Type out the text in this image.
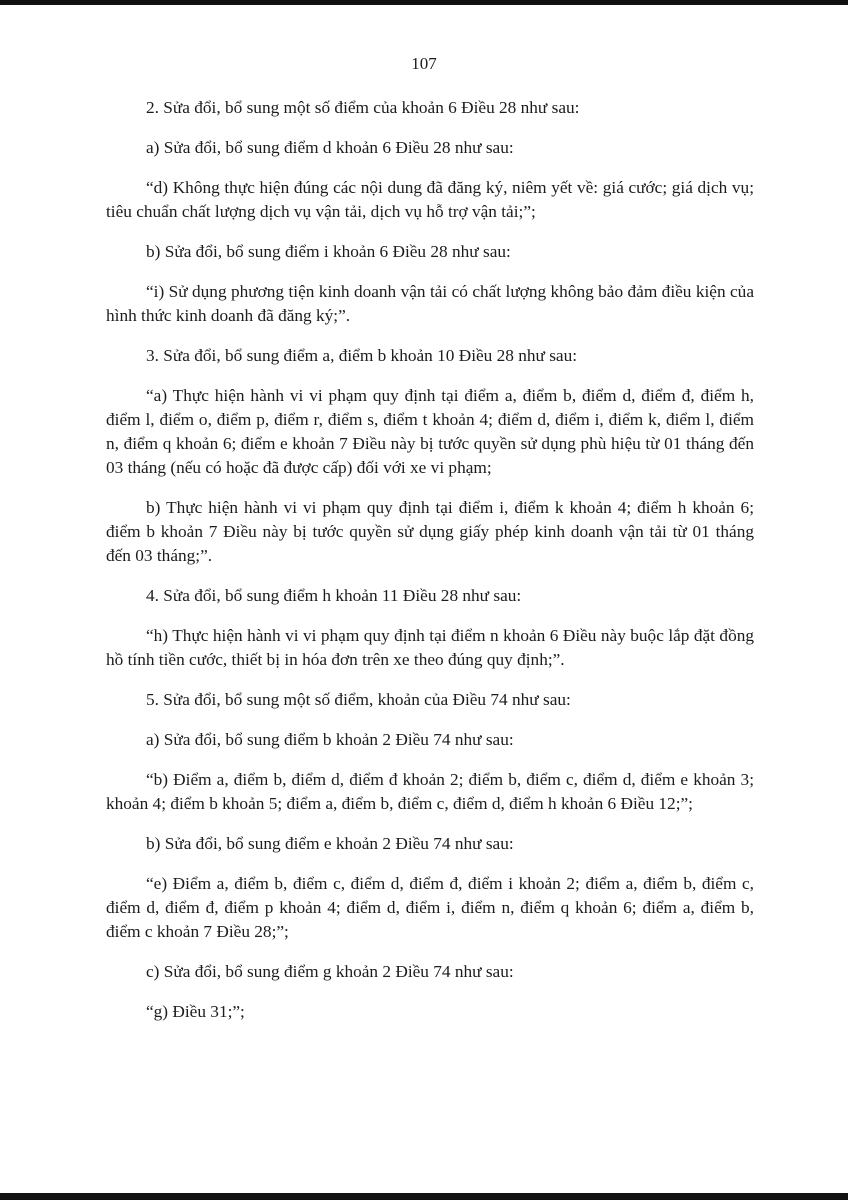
107

2. Sửa đổi, bổ sung một số điểm của khoản 6 Điều 28 như sau:

a) Sửa đổi, bổ sung điểm d khoản 6 Điều 28 như sau:

“d) Không thực hiện đúng các nội dung đã đăng ký, niêm yết về: giá cước; giá dịch vụ; tiêu chuẩn chất lượng dịch vụ vận tải, dịch vụ hỗ trợ vận tải;”;

b) Sửa đổi, bổ sung điểm i khoản 6 Điều 28 như sau:

“i) Sử dụng phương tiện kinh doanh vận tải có chất lượng không bảo đảm điều kiện của hình thức kinh doanh đã đăng ký;”.

3. Sửa đổi, bổ sung điểm a, điểm b khoản 10 Điều 28 như sau:

“a) Thực hiện hành vi vi phạm quy định tại điểm a, điểm b, điểm d, điểm đ, điểm h, điểm l, điểm o, điểm p, điểm r, điểm s, điểm t khoản 4; điểm d, điểm i, điểm k, điểm l, điểm n, điểm q khoản 6; điểm e khoản 7 Điều này bị tước quyền sử dụng phù hiệu từ 01 tháng đến 03 tháng (nếu có hoặc đã được cấp) đối với xe vi phạm;

b) Thực hiện hành vi vi phạm quy định tại điểm i, điểm k khoản 4; điểm h khoản 6; điểm b khoản 7 Điều này bị tước quyền sử dụng giấy phép kinh doanh vận tải từ 01 tháng đến 03 tháng;”.

4. Sửa đổi, bổ sung điểm h khoản 11 Điều 28 như sau:

“h) Thực hiện hành vi vi phạm quy định tại điểm n khoản 6 Điều này buộc lắp đặt đồng hồ tính tiền cước, thiết bị in hóa đơn trên xe theo đúng quy định;”.

5. Sửa đổi, bổ sung một số điểm, khoản của Điều 74 như sau:

a) Sửa đổi, bổ sung điểm b khoản 2 Điều 74 như sau:

“b) Điểm a, điểm b, điểm d, điểm đ khoản 2; điểm b, điểm c, điểm d, điểm e khoản 3; khoản 4; điểm b khoản 5; điểm a, điểm b, điểm c, điểm d, điểm h khoản 6 Điều 12;”;

b) Sửa đổi, bổ sung điểm e khoản 2 Điều 74 như sau:

“e) Điểm a, điểm b, điểm c, điểm d, điểm đ, điểm i khoản 2; điểm a, điểm b, điểm c, điểm d, điểm đ, điểm p khoản 4; điểm d, điểm i, điểm n, điểm q khoản 6; điểm a, điểm b, điểm c khoản 7 Điều 28;”;

c) Sửa đổi, bổ sung điểm g khoản 2 Điều 74 như sau:

“g) Điều 31;”;
